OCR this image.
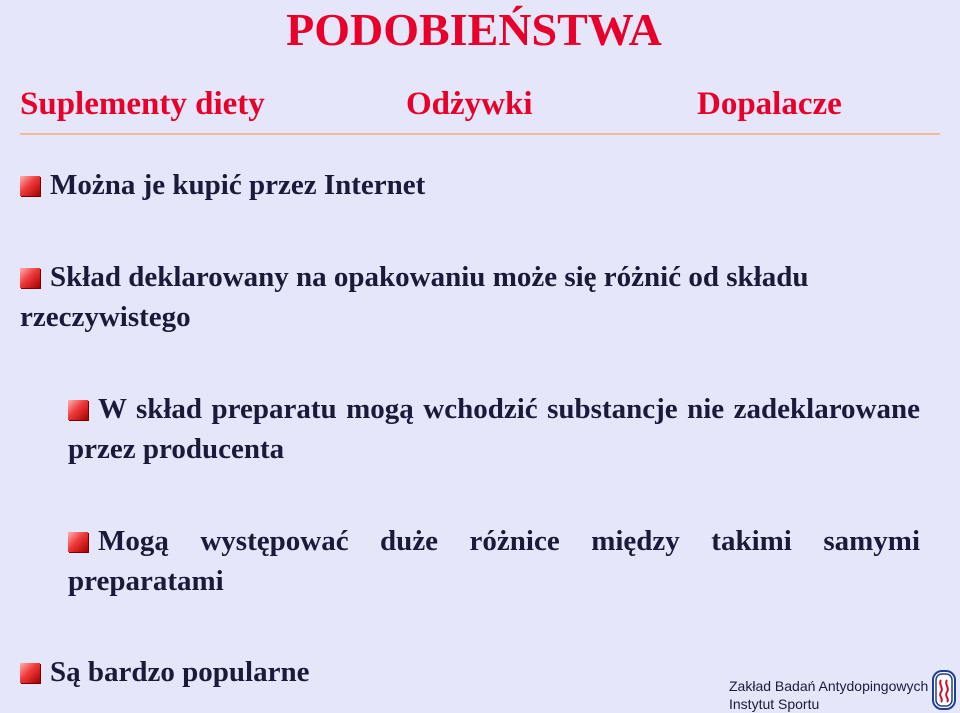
PODOBIEŃSTWA
Suplementy diety	Odżywki	Dopalacze
Można je kupić przez Internet
Skład deklarowany na opakowaniu może się różnić od składu rzeczywistego
W skład preparatu mogą wchodzić substancje nie zadeklarowane przez producenta
Mogą występować duże różnice między takimi samymi preparatami
Są bardzo popularne	Zakład Badań Antydopingowych
Instytut Sportu
